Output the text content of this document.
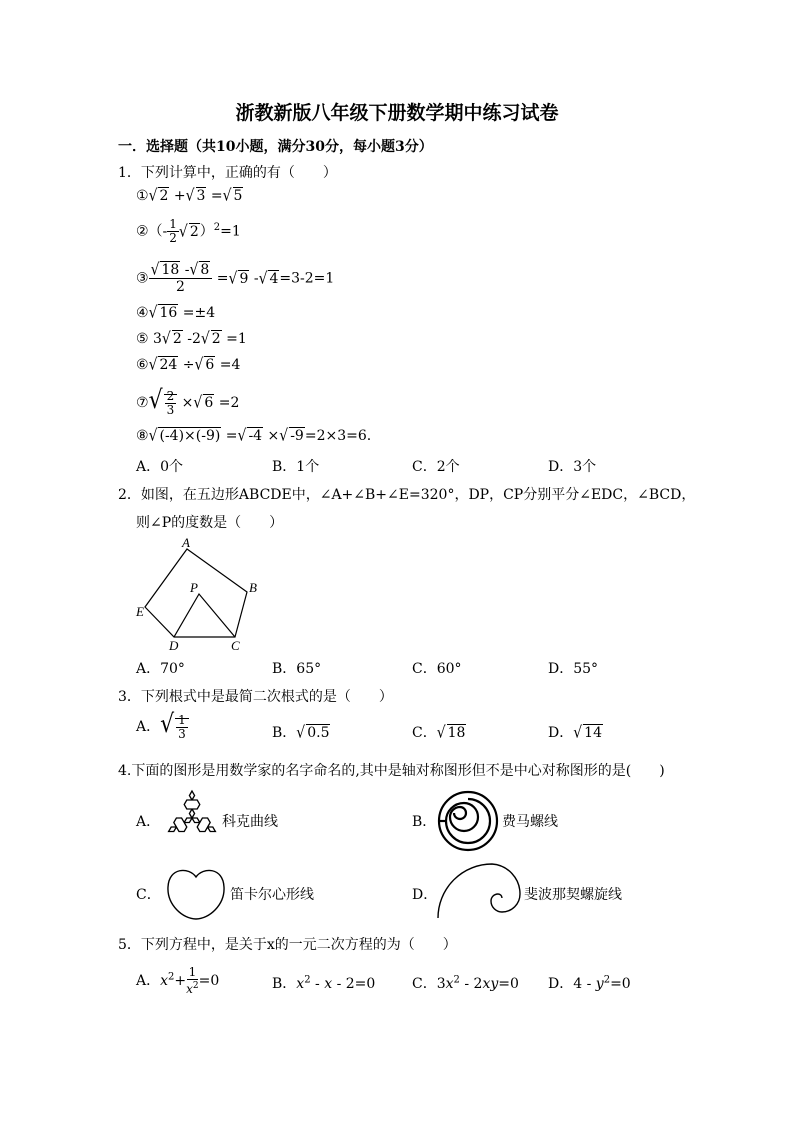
浙教新版八年级下册数学期中练习试卷
一．选择题（共10小题，满分30分，每小题3分）
1．下列计算中，正确的有（　　）
①√ 2 +√ 3 =√ 5
②（- $\frac{1}{2}$ √ 2）$^2$=1
③ $\frac{√ 18 -√ 8}{2}$ =√ 9 -√ 4=3-2=1
④√ 16 =±4
⑤ 3√ 2 -2√ 2 =1
⑥√ 24 ÷√ 6 =4
⑦√ $\frac{2}{3}$ ×√ 6 =2
⑧√ (-4)×(-9) =√ -4 ×√ -9=2×3=6.
A．0个	B．1个	C．2个	D．3个
2．如图，在五边形ABCDE中，∠A+∠B+∠E=320°，DP，CP分别平分∠EDC，∠BCD，
则∠P的度数是（　　）
A
B
C
D
E
P
A．70°	B．65°	C．60°	D．55°
3．下列根式中是最简二次根式的是（　　）
A．√ $\frac{1}{3}$	B．√ 0.5	C．√ 18	D．√ 14
4.下面的图形是用数学家的名字命名的,其中是轴对称图形但不是中心对称图形的是(　　)
A．	科克曲线	B．	费马螺线
C．	笛卡尔心形线	D．	斐波那契螺旋线
5．下列方程中，是关于x的一元二次方程的为（　　）
A．$x^2+ \frac{1}{x^2} =0$	B．$x^2 - x - 2=0$	C．$3x^2 - 2xy=0$ D．$4 - y^2=0$
